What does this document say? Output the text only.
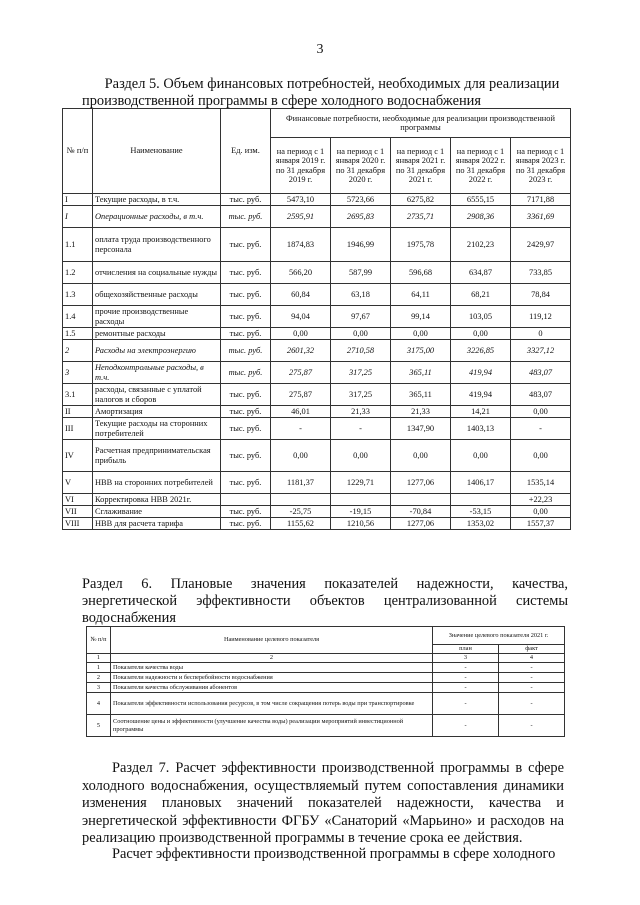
3
Раздел 5. Объем финансовых потребностей, необходимых для реализации
производственной программы в сфере холодного водоснабжения
№ п/п	Наименование	Ед. изм.	Финансовые потребности, необходимые для реализации производственной программы				
			на период с 1 января 2019 г. по 31 декабря 2019 г.	на период с 1 января 2020 г. по 31 декабря 2020 г.	на период с 1 января 2021 г. по 31 декабря 2021 г.	на период с 1 января 2022 г. по 31 декабря 2022 г.	на период с 1 января 2023 г. по 31 декабря 2023 г.
I	Текущие расходы, в т.ч.	тыс. руб.	5473,10	5723,66	6275,82	6555,15	7171,88
I	Операционные расходы, в т.ч.	тыс. руб.	2595,91	2695,83	2735,71	2908,36	3361,69
1.1	оплата труда производственного персонала	тыс. руб.	1874,83	1946,99	1975,78	2102,23	2429,97
1.2	отчисления на социальные нужды	тыс. руб.	566,20	587,99	596,68	634,87	733,85
1.3	общехозяйственные расходы	тыс. руб.	60,84	63,18	64,11	68,21	78,84
1.4	прочие производственные расходы	тыс. руб.	94,04	97,67	99,14	103,05	119,12
1.5	ремонтные расходы	тыс. руб.	0,00	0,00	0,00	0,00	0
2	Расходы на электроэнергию	тыс. руб.	2601,32	2710,58	3175,00	3226,85	3327,12
3	Неподконтрольные расходы, в т.ч.	тыс. руб.	275,87	317,25	365,11	419,94	483,07
3.1	расходы, связанные с уплатой налогов и сборов	тыс. руб.	275,87	317,25	365,11	419,94	483,07
II	Амортизация	тыс. руб.	46,01	21,33	21,33	14,21	0,00
III	Текущие расходы на сторонних потребителей	тыс. руб.	-	-	1347,90	1403,13	-
IV	Расчетная предпринимательская прибыль	тыс. руб.	0,00	0,00	0,00	0,00	0,00
V	НВВ на сторонних потребителей	тыс. руб.	1181,37	1229,71	1277,06	1406,17	1535,14
VI	Корректировка НВВ 2021г.						+22,23
VII	Сглаживание	тыс. руб.	-25,75	-19,15	-70,84	-53,15	0,00
VIII	НВВ для расчета тарифа	тыс. руб.	1155,62	1210,56	1277,06	1353,02	1557,37
Раздел 6. Плановые значения показателей надежности, качества, энергетической эффективности объектов централизованной системы
водоснабжения
№ п/п	Наименование целевого показателя	Значение целевого показателя 2021 г.	
		план	факт
1	2	3	4
1	Показатели качества воды	-	-
2	Показатели надежности и бесперебойности водоснабжения	-	-
3	Показатели качества обслуживания абонентов	-	-
4	Показатели эффективности использования ресурсов, в том числе сокращения потерь воды при транспортировке	-	-
5	Соотношение цены и эффективности (улучшение качества воды) реализации мероприятий инвестиционной программы	-	-
Раздел 7. Расчет эффективности производственной программы в сфере холодного водоснабжения, осуществляемый путем сопоставления динамики изменения плановых значений показателей надежности, качества и энергетической эффективности ФГБУ «Санаторий «Марьино» и расходов на реализацию производственной программы в течение срока ее действия.
Расчет эффективности производственной программы в сфере холодного
